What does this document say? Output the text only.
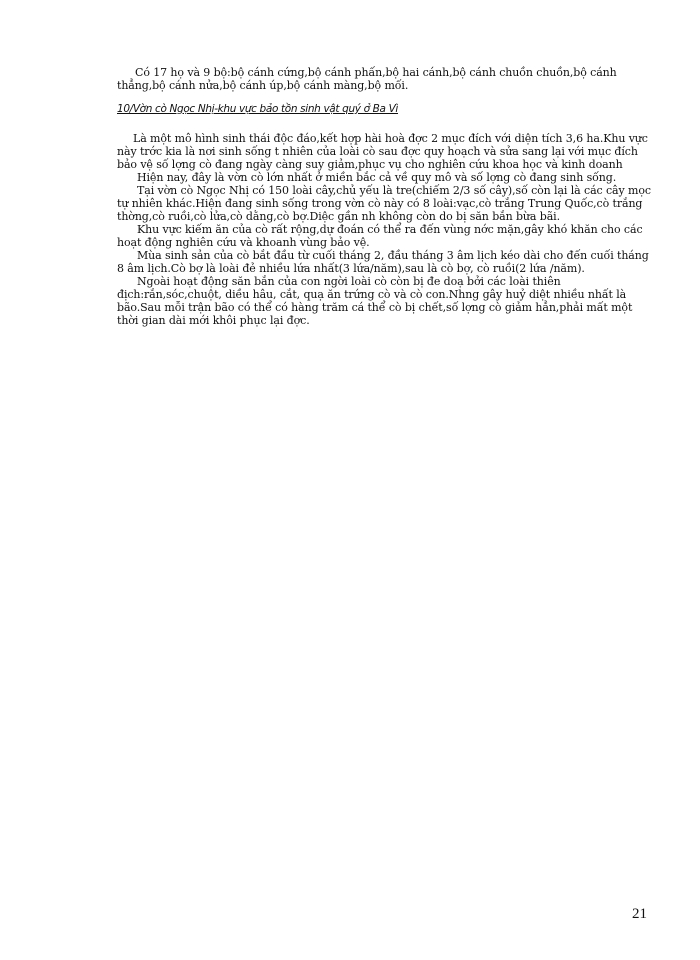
Có 17 họ và 9 bộ:bộ cánh cứng,bộ cánh phấn,bộ hai cánh,bộ cánh chuồn chuồn,bộ cánh thẳng,bộ cánh nửa,bộ cánh úp,bộ cánh màng,bộ mối.

10/Vờn cò Ngọc Nhị-khu vực bảo tồn sinh vật quý ở Ba Vì

Là một mô hình sinh thái độc đáo,kết hợp hài hoà đợc 2 mục đích với diện tích 3,6 ha.Khu vực này trớc kia là nơi sinh sống t nhiên của loài cò sau đợc quy hoạch và sửa sang lại với mục đích bảo vệ số lợng cò đang ngày càng suy giảm,phục vụ cho nghiên cứu khoa học và kinh doanh

Hiện nay, đây là vờn cò lớn nhất ở miền bắc cả về quy mô và số lợng cò đang sinh sống.

Tại vờn cò Ngọc Nhị có 150 loài cây,chủ yếu là tre(chiếm 2/3 số cây),số còn lại là các cây mọc tự nhiên khác.Hiện đang sinh sống trong vờn cò này có 8 loài:vạc,cò trắng Trung Quốc,cò trắng thờng,cò ruồi,cò lửa,cò dằng,cò bợ.Diệc gần nh không còn do bị săn bắn bừa bãi.

Khu vực kiếm ăn của cò rất rộng,dự đoán có thể ra đến vùng nớc mặn,gây khó khăn cho các hoạt động nghiên cứu và khoanh vùng bảo vệ.

Mùa sinh sản của cò bắt đầu từ cuối tháng 2, đầu tháng 3 âm lịch kéo dài cho đến cuối tháng 8 âm lịch.Cò bợ là loài đẻ nhiều lứa nhất(3 lứa/năm),sau là cò bợ, cò ruồi(2 lứa /năm).

Ngoài hoạt động săn bắn của con ngời loài cò còn bị đe doạ bởi các loài thiên địch:rắn,sóc,chuột, diều hâu, cắt, quạ ăn trứng cò và cò con.Nhng gây huỷ diệt nhiều nhất là bão.Sau mỗi trận bão có thể có hàng trăm cá thể cò bị chết,số lợng cò giảm hẳn,phải mất một thời gian dài mới khôi phục lại đợc.

21
